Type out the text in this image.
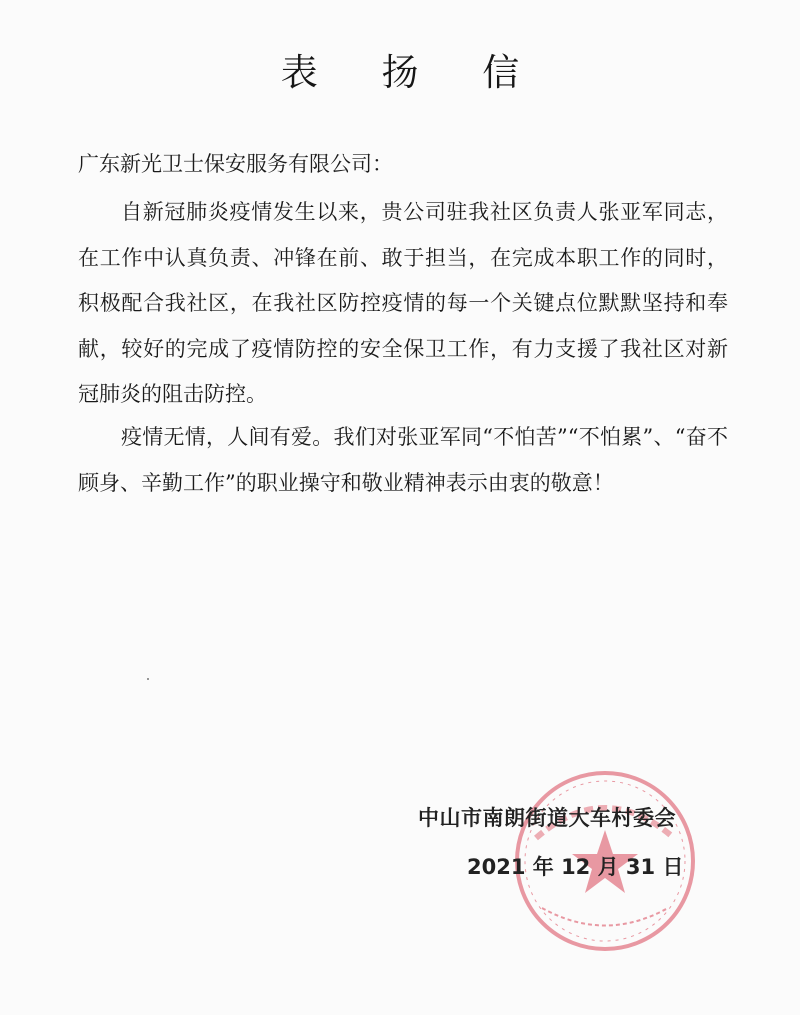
表 扬 信
广东新光卫士保安服务有限公司：

自新冠肺炎疫情发生以来，贵公司驻我社区负责人张亚军同志，在工作中认真负责、冲锋在前、敢于担当，在完成本职工作的同时，积极配合我社区，在我社区防控疫情的每一个关键点位默默坚持和奉献，较好的完成了疫情防控的安全保卫工作，有力支援了我社区对新冠肺炎的阻击防控。

疫情无情，人间有爱。我们对张亚军同“不怕苦”“不怕累”、“奋不顾身、辛勤工作”的职业操守和敬业精神表示由衷的敬意！

中山市南朗街道大车村委会
2021 年 12 月 31 日
